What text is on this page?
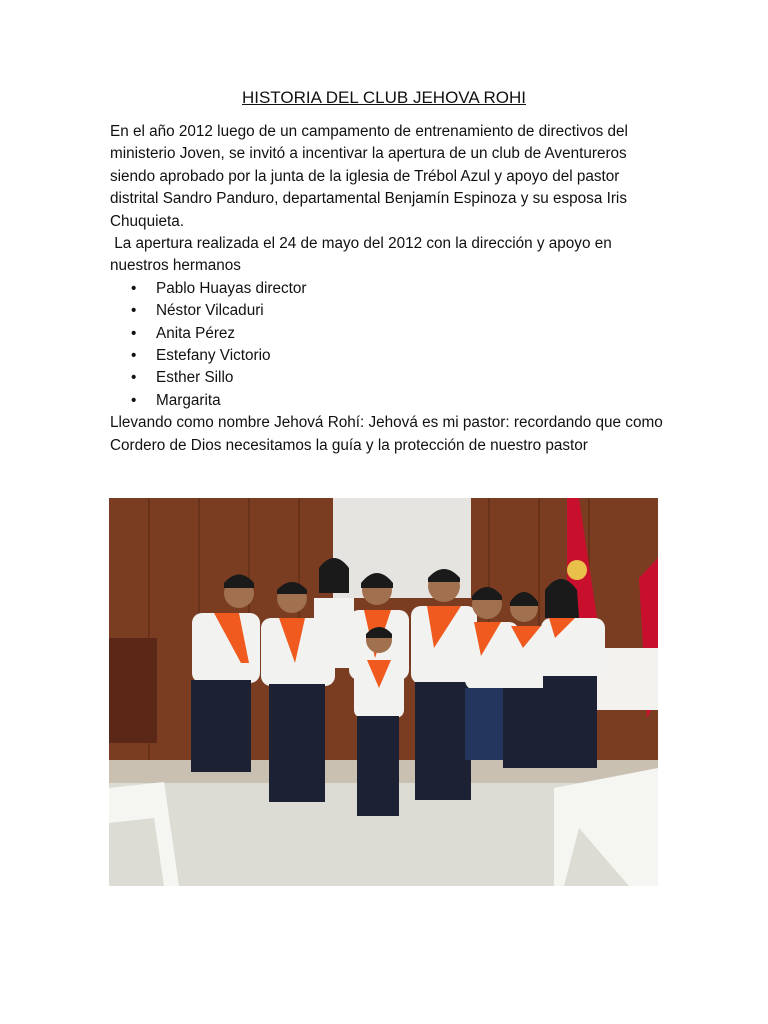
HISTORIA DEL CLUB JEHOVA ROHI

En el año 2012 luego de un campamento de entrenamiento de directivos del ministerio Joven, se invitó a incentivar la apertura de un club de Aventureros siendo aprobado por la junta de la iglesia de Trébol Azul y apoyo del pastor distrital Sandro Panduro, departamental Benjamín Espinoza y su esposa Iris Chuquieta.

La apertura realizada el 24 de mayo del 2012 con la dirección y apoyo en nuestros hermanos

• Pablo Huayas director
• Néstor Vilcaduri
• Anita Pérez
• Estefany Victorio
• Esther Sillo
• Margarita

Llevando como nombre Jehová Rohí: Jehová es mi pastor: recordando que como Cordero de Dios necesitamos la guía y la protección de nuestro pastor
